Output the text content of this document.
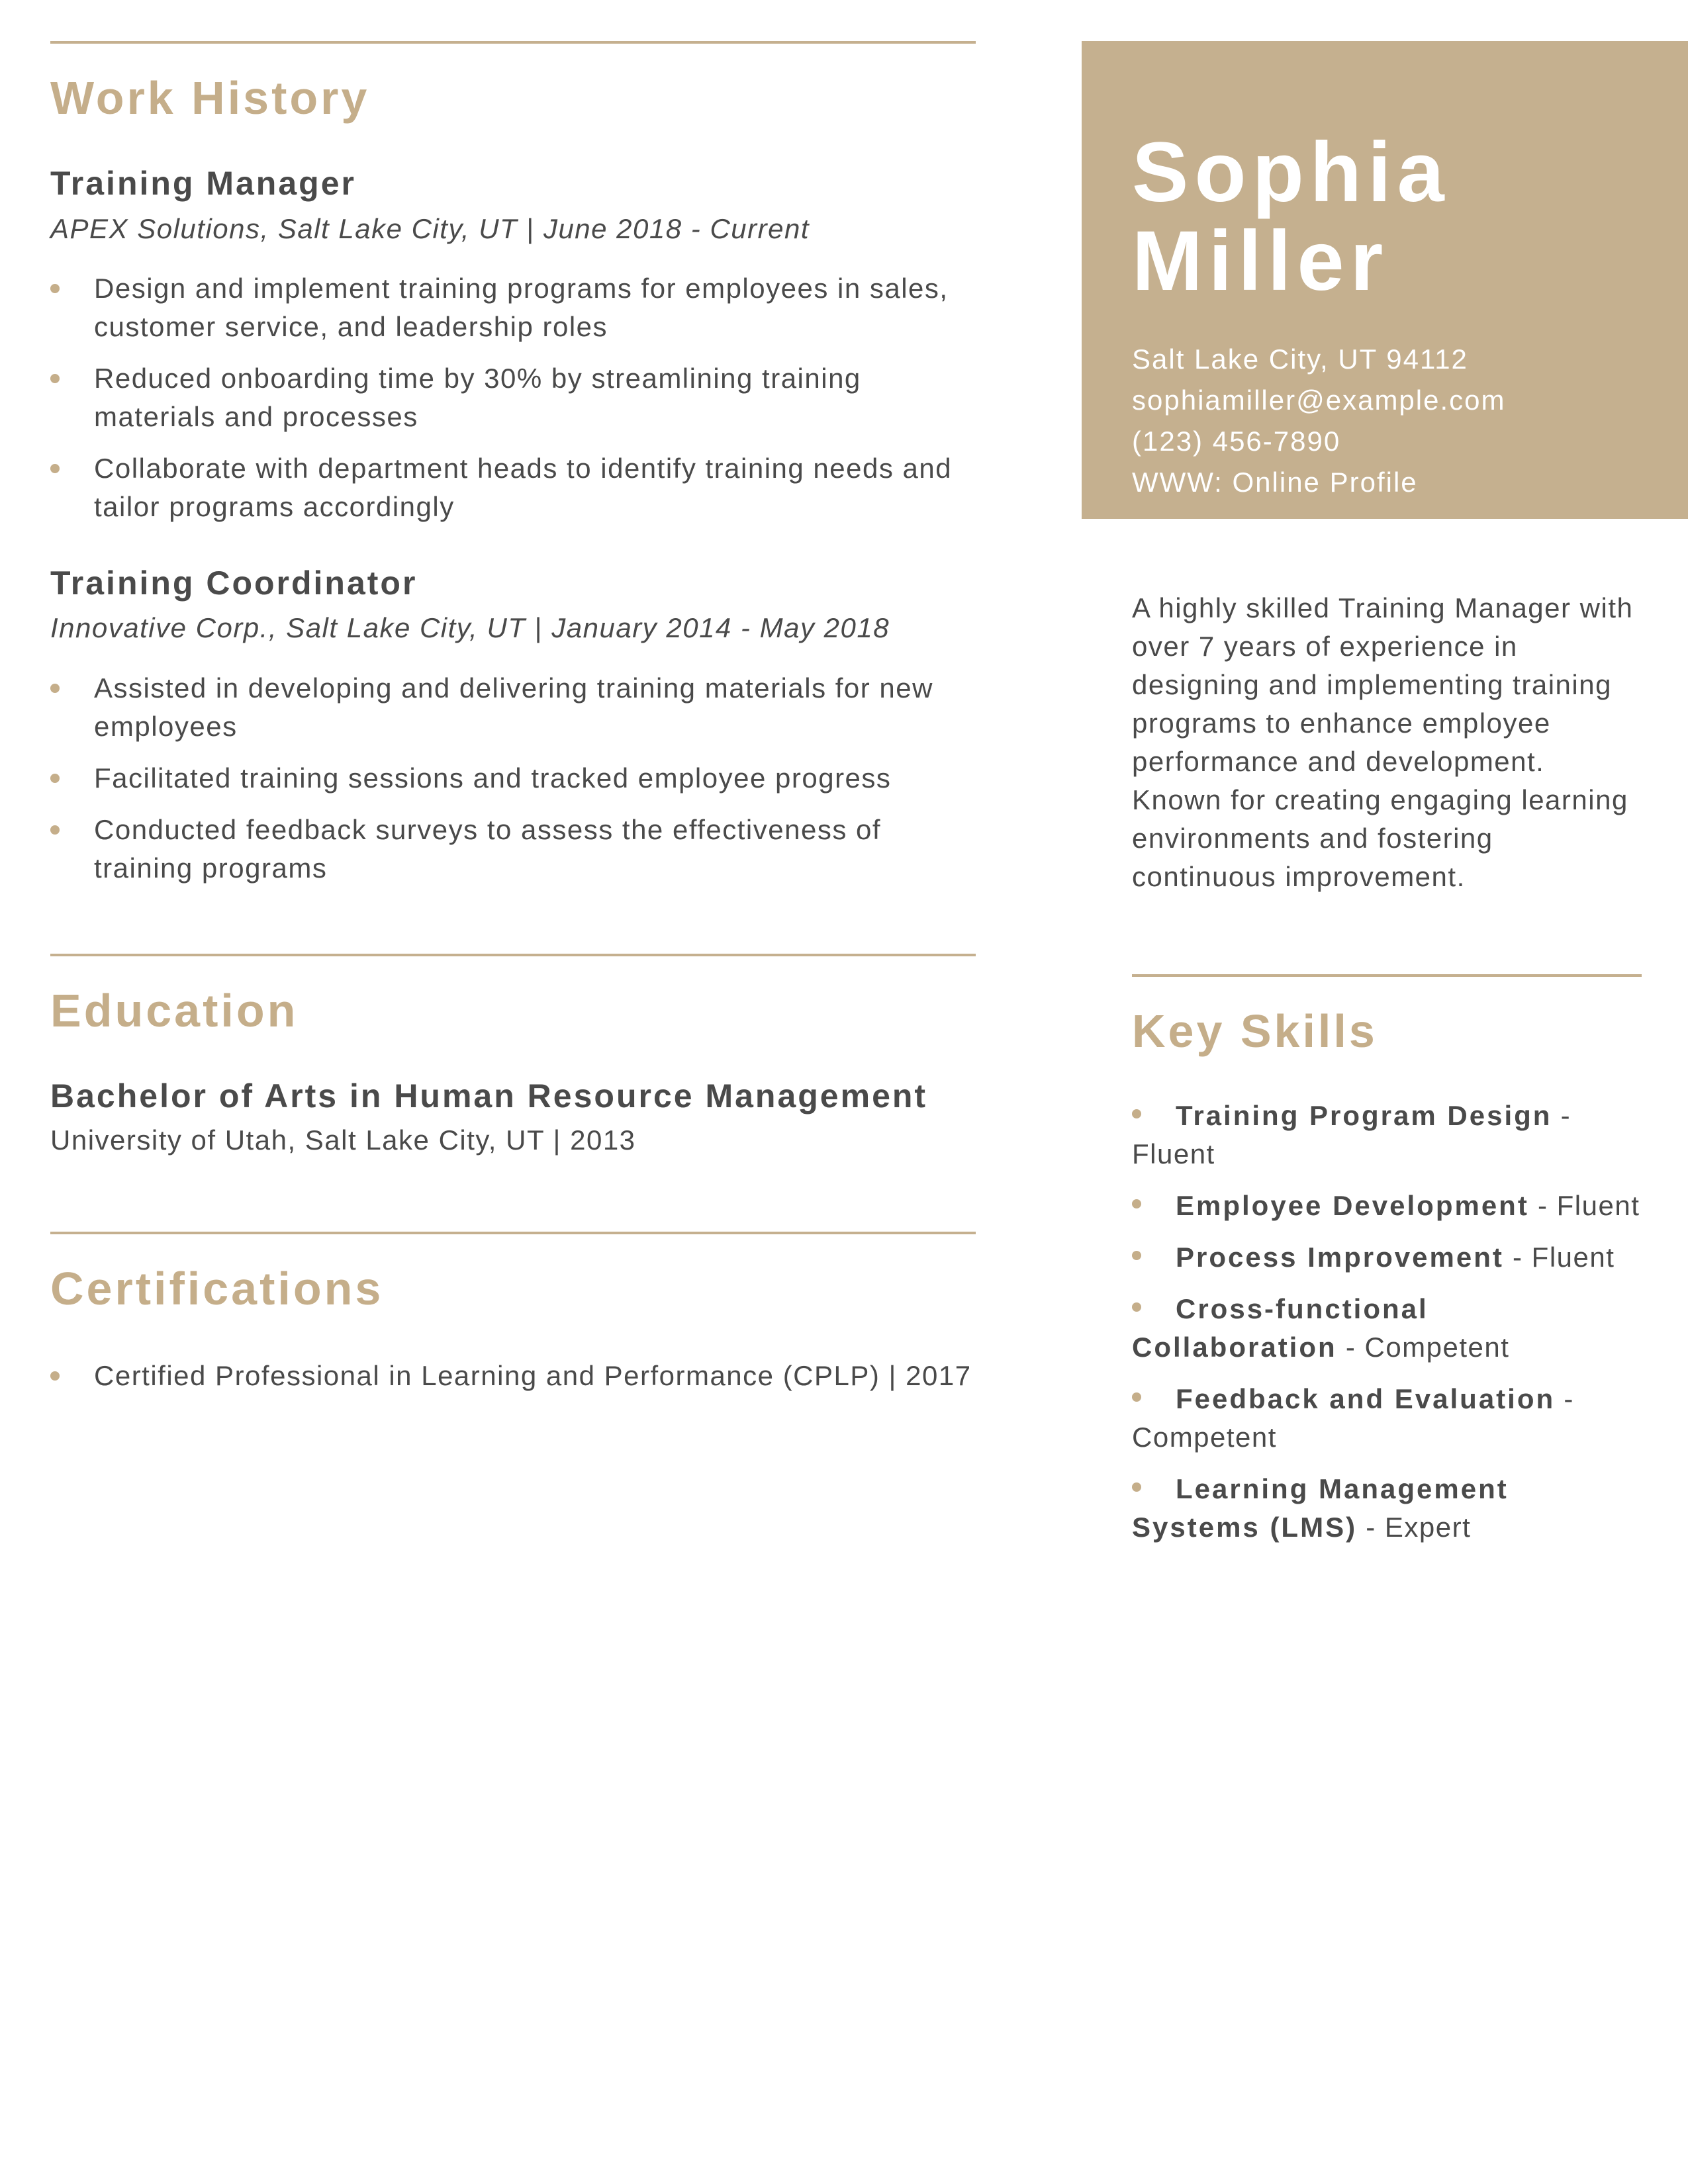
Work History
Training Manager
APEX Solutions, Salt Lake City, UT | June 2018 - Current
Design and implement training programs for employees in sales, customer service, and leadership roles
Reduced onboarding time by 30% by streamlining training materials and processes
Collaborate with department heads to identify training needs and tailor programs accordingly
Training Coordinator
Innovative Corp., Salt Lake City, UT | January 2014 - May 2018
Assisted in developing and delivering training materials for new employees
Facilitated training sessions and tracked employee progress
Conducted feedback surveys to assess the effectiveness of training programs
Education
Bachelor of Arts in Human Resource Management
University of Utah, Salt Lake City, UT | 2013
Certifications
Certified Professional in Learning and Performance (CPLP) | 2017
Sophia
Miller
Salt Lake City, UT 94112
sophiamiller@example.com
(123) 456-7890
WWW: Online Profile

A highly skilled Training Manager with over 7 years of experience in designing and implementing training programs to enhance employee performance and development. Known for creating engaging learning environments and fostering continuous improvement.

Key Skills
Training Program Design - Fluent
Employee Development - Fluent
Process Improvement - Fluent
Cross-functional Collaboration - Competent
Feedback and Evaluation - Competent
Learning Management Systems (LMS) - Expert
